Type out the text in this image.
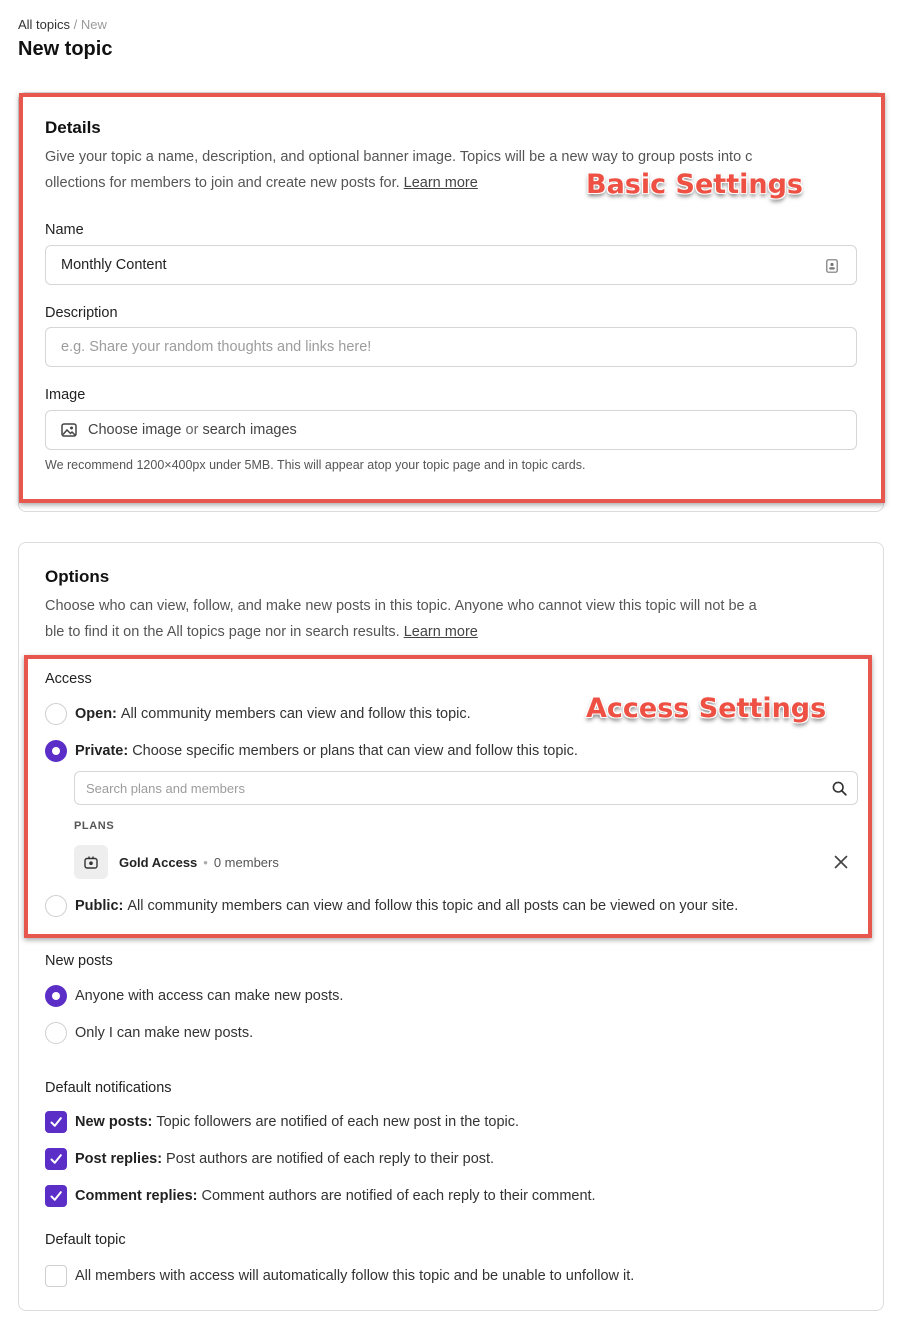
All topics / New
New topic
Details
Give your topic a name, description, and optional banner image. Topics will be a new way to group posts into collections for members to join and create new posts for. Learn more
Name
Monthly Content
Description
e.g. Share your random thoughts and links here!
Image
Choose image or search images
We recommend 1200×400px under 5MB. This will appear atop your topic page and in topic cards.
Options
Choose who can view, follow, and make new posts in this topic. Anyone who cannot view this topic will not be able to find it on the All topics page nor in search results. Learn more
Access
Open: All community members can view and follow this topic.
Private: Choose specific members or plans that can view and follow this topic.
Search plans and members
PLANS
Gold Access • 0 members
Public: All community members can view and follow this topic and all posts can be viewed on your site.
New posts
Anyone with access can make new posts.
Only I can make new posts.
Default notifications
New posts: Topic followers are notified of each new post in the topic.
Post replies: Post authors are notified of each reply to their post.
Comment replies: Comment authors are notified of each reply to their comment.
Default topic
All members with access will automatically follow this topic and be unable to unfollow it.
Basic Settings
Access Settings
